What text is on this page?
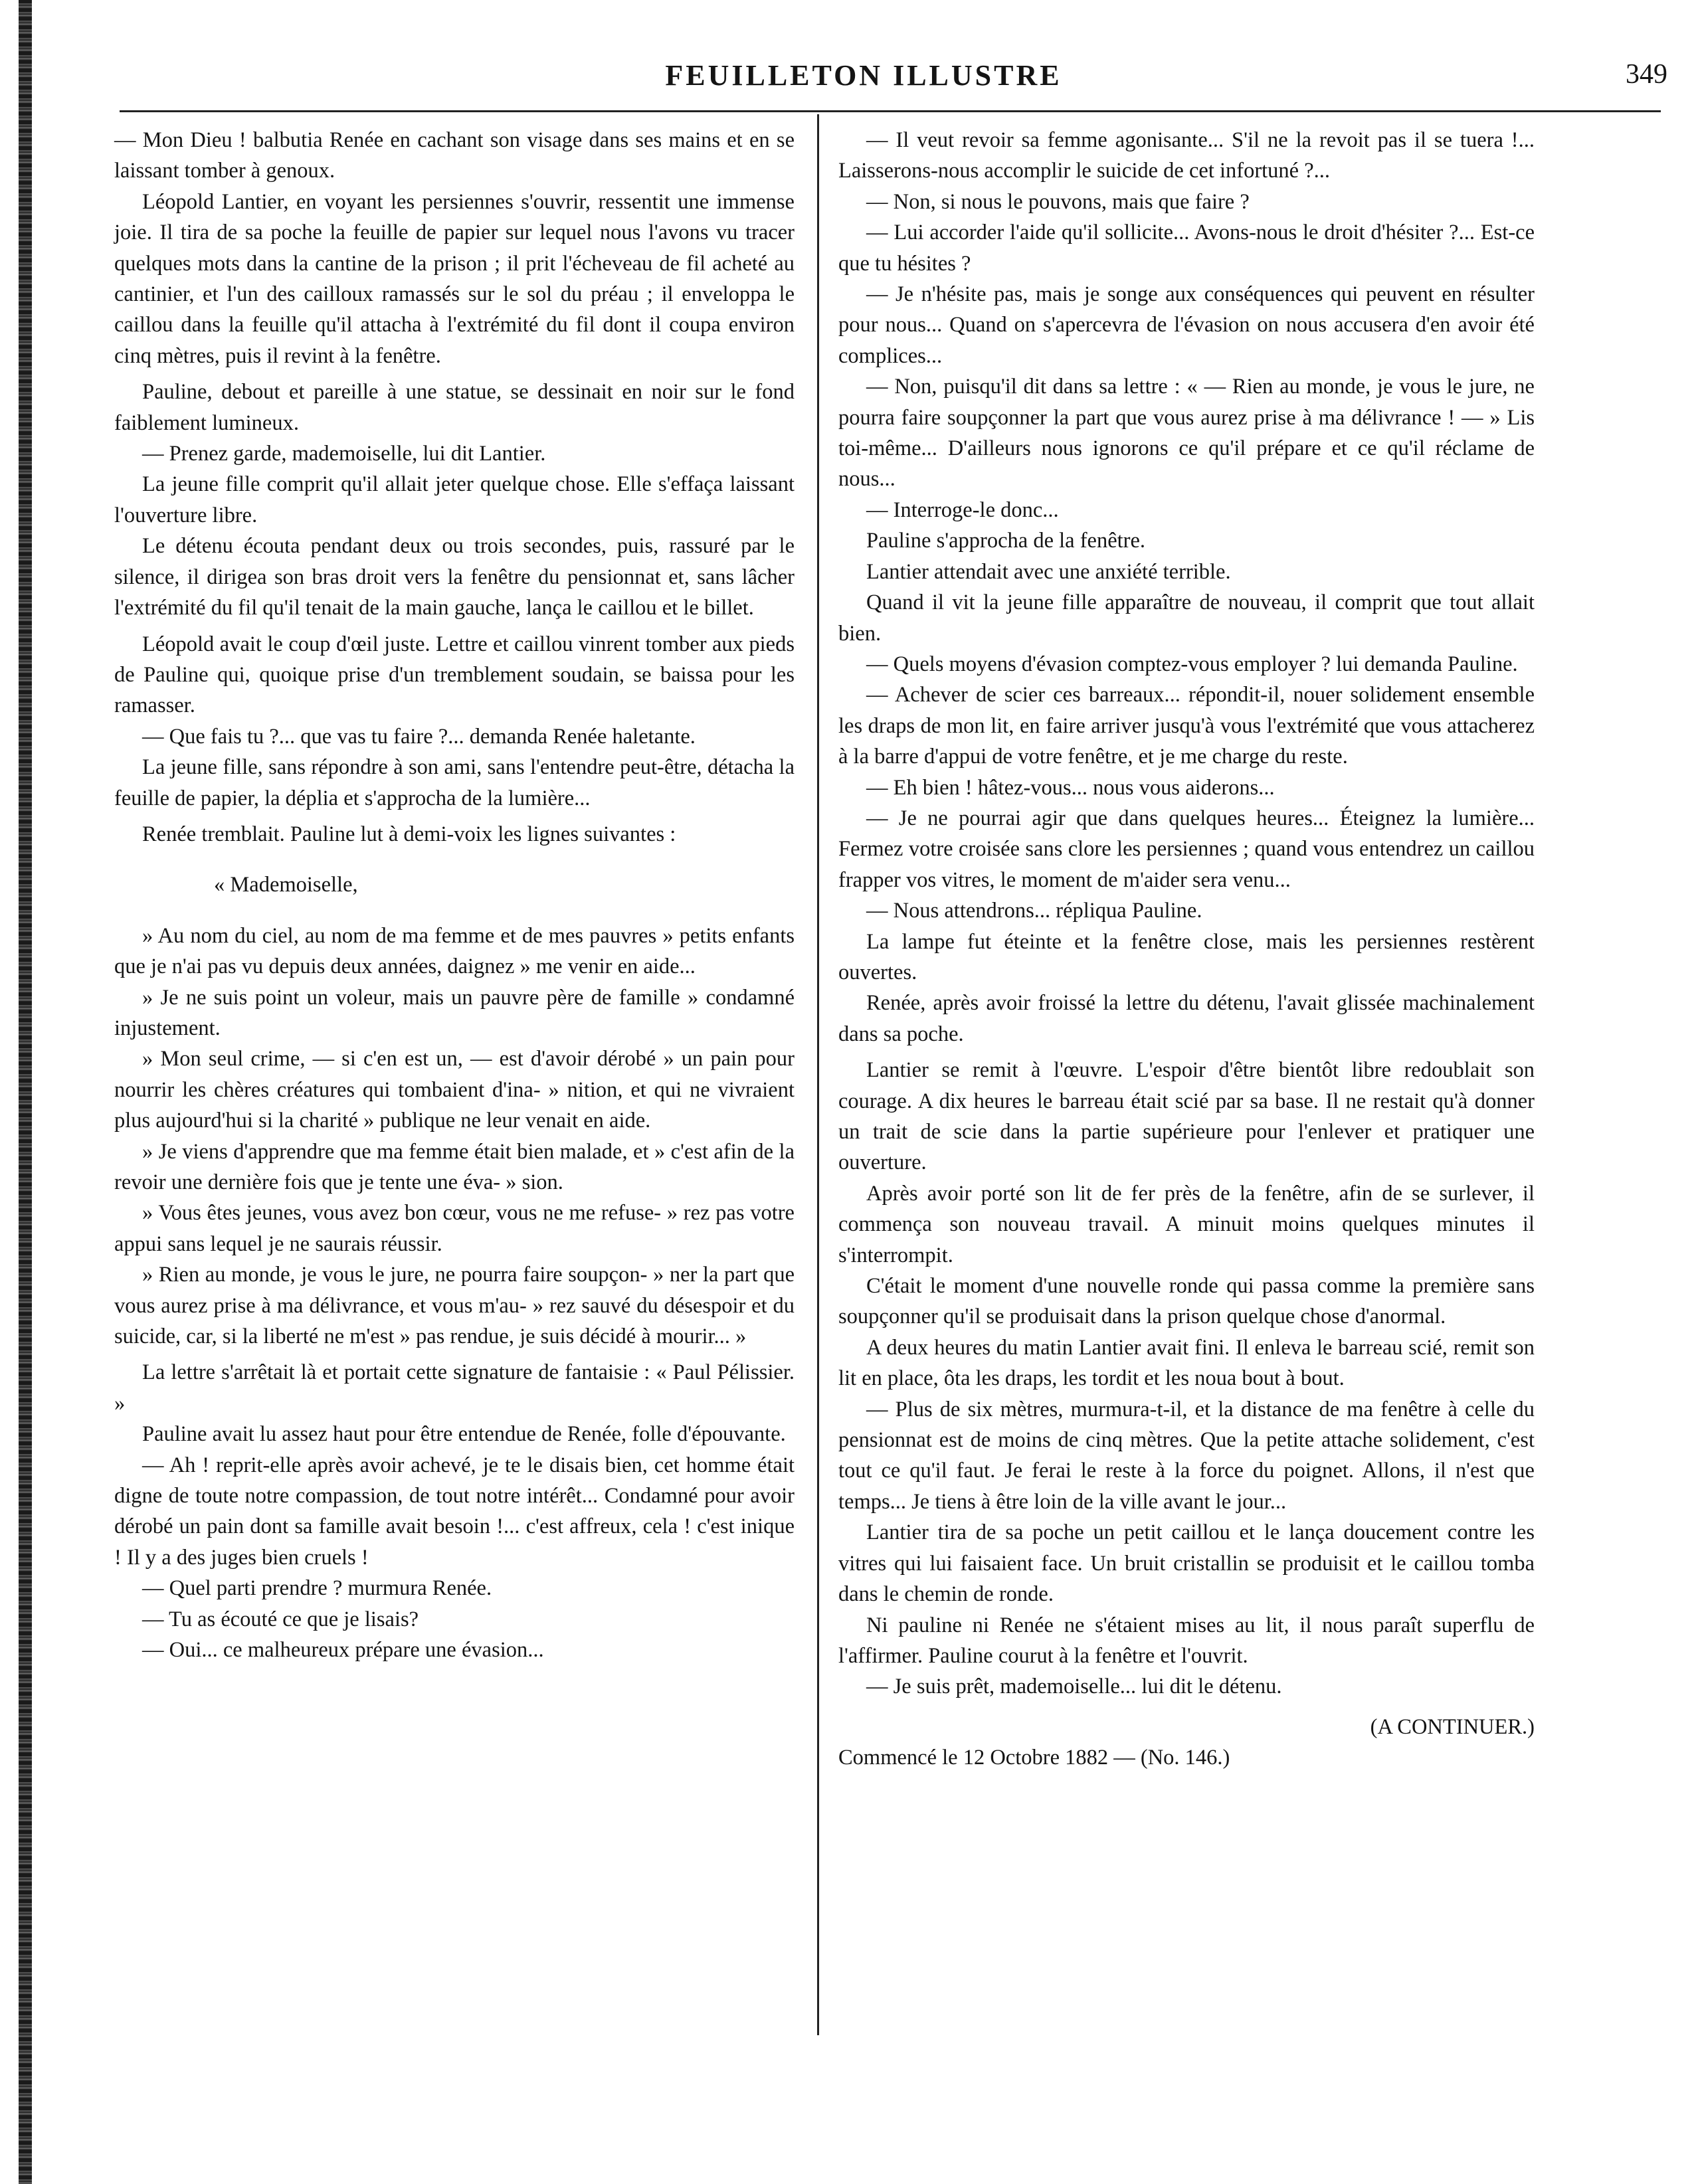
FEUILLETON ILLUSTRE	349

— Mon Dieu ! balbutia Renée en cachant son visage dans ses mains et en se laissant tomber à genoux.

Léopold Lantier, en voyant les persiennes s'ouvrir, ressentit une immense joie. Il tira de sa poche la feuille de papier sur lequel nous l'avons vu tracer quelques mots dans la cantine de la prison ; il prit l'écheveau de fil acheté au cantinier, et l'un des cailloux ramassés sur le sol du préau ; il enveloppa le caillou dans la feuille qu'il attacha à l'extrémité du fil dont il coupa environ cinq mètres, puis il revint à la fenêtre.

Pauline, debout et pareille à une statue, se dessinait en noir sur le fond faiblement lumineux.

— Prenez garde, mademoiselle, lui dit Lantier.

La jeune fille comprit qu'il allait jeter quelque chose. Elle s'effaça laissant l'ouverture libre.

Le détenu écouta pendant deux ou trois secondes, puis, rassuré par le silence, il dirigea son bras droit vers la fenêtre du pensionnat et, sans lâcher l'extrémité du fil qu'il tenait de la main gauche, lança le caillou et le billet.

Léopold avait le coup d'œil juste. Lettre et caillou vinrent tomber aux pieds de Pauline qui, quoique prise d'un tremblement soudain, se baissa pour les ramasser.

— Que fais tu ?... que vas tu faire ?... demanda Renée haletante.

La jeune fille, sans répondre à son ami, sans l'entendre peut-être, détacha la feuille de papier, la déplia et s'approcha de la lumière...

Renée tremblait. Pauline lut à demi-voix les lignes suivantes :

« Mademoiselle,

» Au nom du ciel, au nom de ma femme et de mes pauvres » petits enfants que je n'ai pas vu depuis deux années, daignez » me venir en aide...

» Je ne suis point un voleur, mais un pauvre père de famille » condamné injustement.

» Mon seul crime, — si c'en est un, — est d'avoir dérobé » un pain pour nourrir les chères créatures qui tombaient d'ina- » nition, et qui ne vivraient plus aujourd'hui si la charité » publique ne leur venait en aide.

» Je viens d'apprendre que ma femme était bien malade, et » c'est afin de la revoir une dernière fois que je tente une éva- » sion.

» Vous êtes jeunes, vous avez bon cœur, vous ne me refuse- » rez pas votre appui sans lequel je ne saurais réussir.

» Rien au monde, je vous le jure, ne pourra faire soupçon- » ner la part que vous aurez prise à ma délivrance, et vous m'au- » rez sauvé du désespoir et du suicide, car, si la liberté ne m'est » pas rendue, je suis décidé à mourir... »

La lettre s'arrêtait là et portait cette signature de fantaisie : « Paul Pélissier. »

Pauline avait lu assez haut pour être entendue de Renée, folle d'épouvante.

— Ah ! reprit-elle après avoir achevé, je te le disais bien, cet homme était digne de toute notre compassion, de tout notre intérêt... Condamné pour avoir dérobé un pain dont sa famille avait besoin !... c'est affreux, cela ! c'est inique ! Il y a des juges bien cruels !

— Quel parti prendre ? murmura Renée.

— Tu as écouté ce que je lisais?

— Oui... ce malheureux prépare une évasion...

— Il veut revoir sa femme agonisante... S'il ne la revoit pas il se tuera !... Laisserons-nous accomplir le suicide de cet infortuné ?...

— Non, si nous le pouvons, mais que faire ?

— Lui accorder l'aide qu'il sollicite... Avons-nous le droit d'hésiter ?... Est-ce que tu hésites ?

— Je n'hésite pas, mais je songe aux conséquences qui peuvent en résulter pour nous... Quand on s'apercevra de l'évasion on nous accusera d'en avoir été complices...

— Non, puisqu'il dit dans sa lettre : « — Rien au monde, je vous le jure, ne pourra faire soupçonner la part que vous aurez prise à ma délivrance ! — » Lis toi-même... D'ailleurs nous ignorons ce qu'il prépare et ce qu'il réclame de nous...

— Interroge-le donc...

Pauline s'approcha de la fenêtre.

Lantier attendait avec une anxiété terrible.

Quand il vit la jeune fille apparaître de nouveau, il comprit que tout allait bien.

— Quels moyens d'évasion comptez-vous employer ? lui demanda Pauline.

— Achever de scier ces barreaux... répondit-il, nouer solidement ensemble les draps de mon lit, en faire arriver jusqu'à vous l'extrémité que vous attacherez à la barre d'appui de votre fenêtre, et je me charge du reste.

— Eh bien ! hâtez-vous... nous vous aiderons...

— Je ne pourrai agir que dans quelques heures... Éteignez la lumière... Fermez votre croisée sans clore les persiennes ; quand vous entendrez un caillou frapper vos vitres, le moment de m'aider sera venu...

— Nous attendrons... répliqua Pauline.

La lampe fut éteinte et la fenêtre close, mais les persiennes restèrent ouvertes.

Renée, après avoir froissé la lettre du détenu, l'avait glissée machinalement dans sa poche.

Lantier se remit à l'œuvre. L'espoir d'être bientôt libre redoublait son courage. A dix heures le barreau était scié par sa base. Il ne restait qu'à donner un trait de scie dans la partie supérieure pour l'enlever et pratiquer une ouverture.

Après avoir porté son lit de fer près de la fenêtre, afin de se surlever, il commença son nouveau travail. A minuit moins quelques minutes il s'interrompit.

C'était le moment d'une nouvelle ronde qui passa comme la première sans soupçonner qu'il se produisait dans la prison quelque chose d'anormal.

A deux heures du matin Lantier avait fini. Il enleva le barreau scié, remit son lit en place, ôta les draps, les tordit et les noua bout à bout.

— Plus de six mètres, murmura-t-il, et la distance de ma fenêtre à celle du pensionnat est de moins de cinq mètres. Que la petite attache solidement, c'est tout ce qu'il faut. Je ferai le reste à la force du poignet. Allons, il n'est que temps... Je tiens à être loin de la ville avant le jour...

Lantier tira de sa poche un petit caillou et le lança doucement contre les vitres qui lui faisaient face. Un bruit cristallin se produisit et le caillou tomba dans le chemin de ronde.

Ni pauline ni Renée ne s'étaient mises au lit, il nous paraît superflu de l'affirmer. Pauline courut à la fenêtre et l'ouvrit.

— Je suis prêt, mademoiselle... lui dit le détenu.

(A CONTINUER.)

Commencé le 12 Octobre 1882 — (No. 146.)
